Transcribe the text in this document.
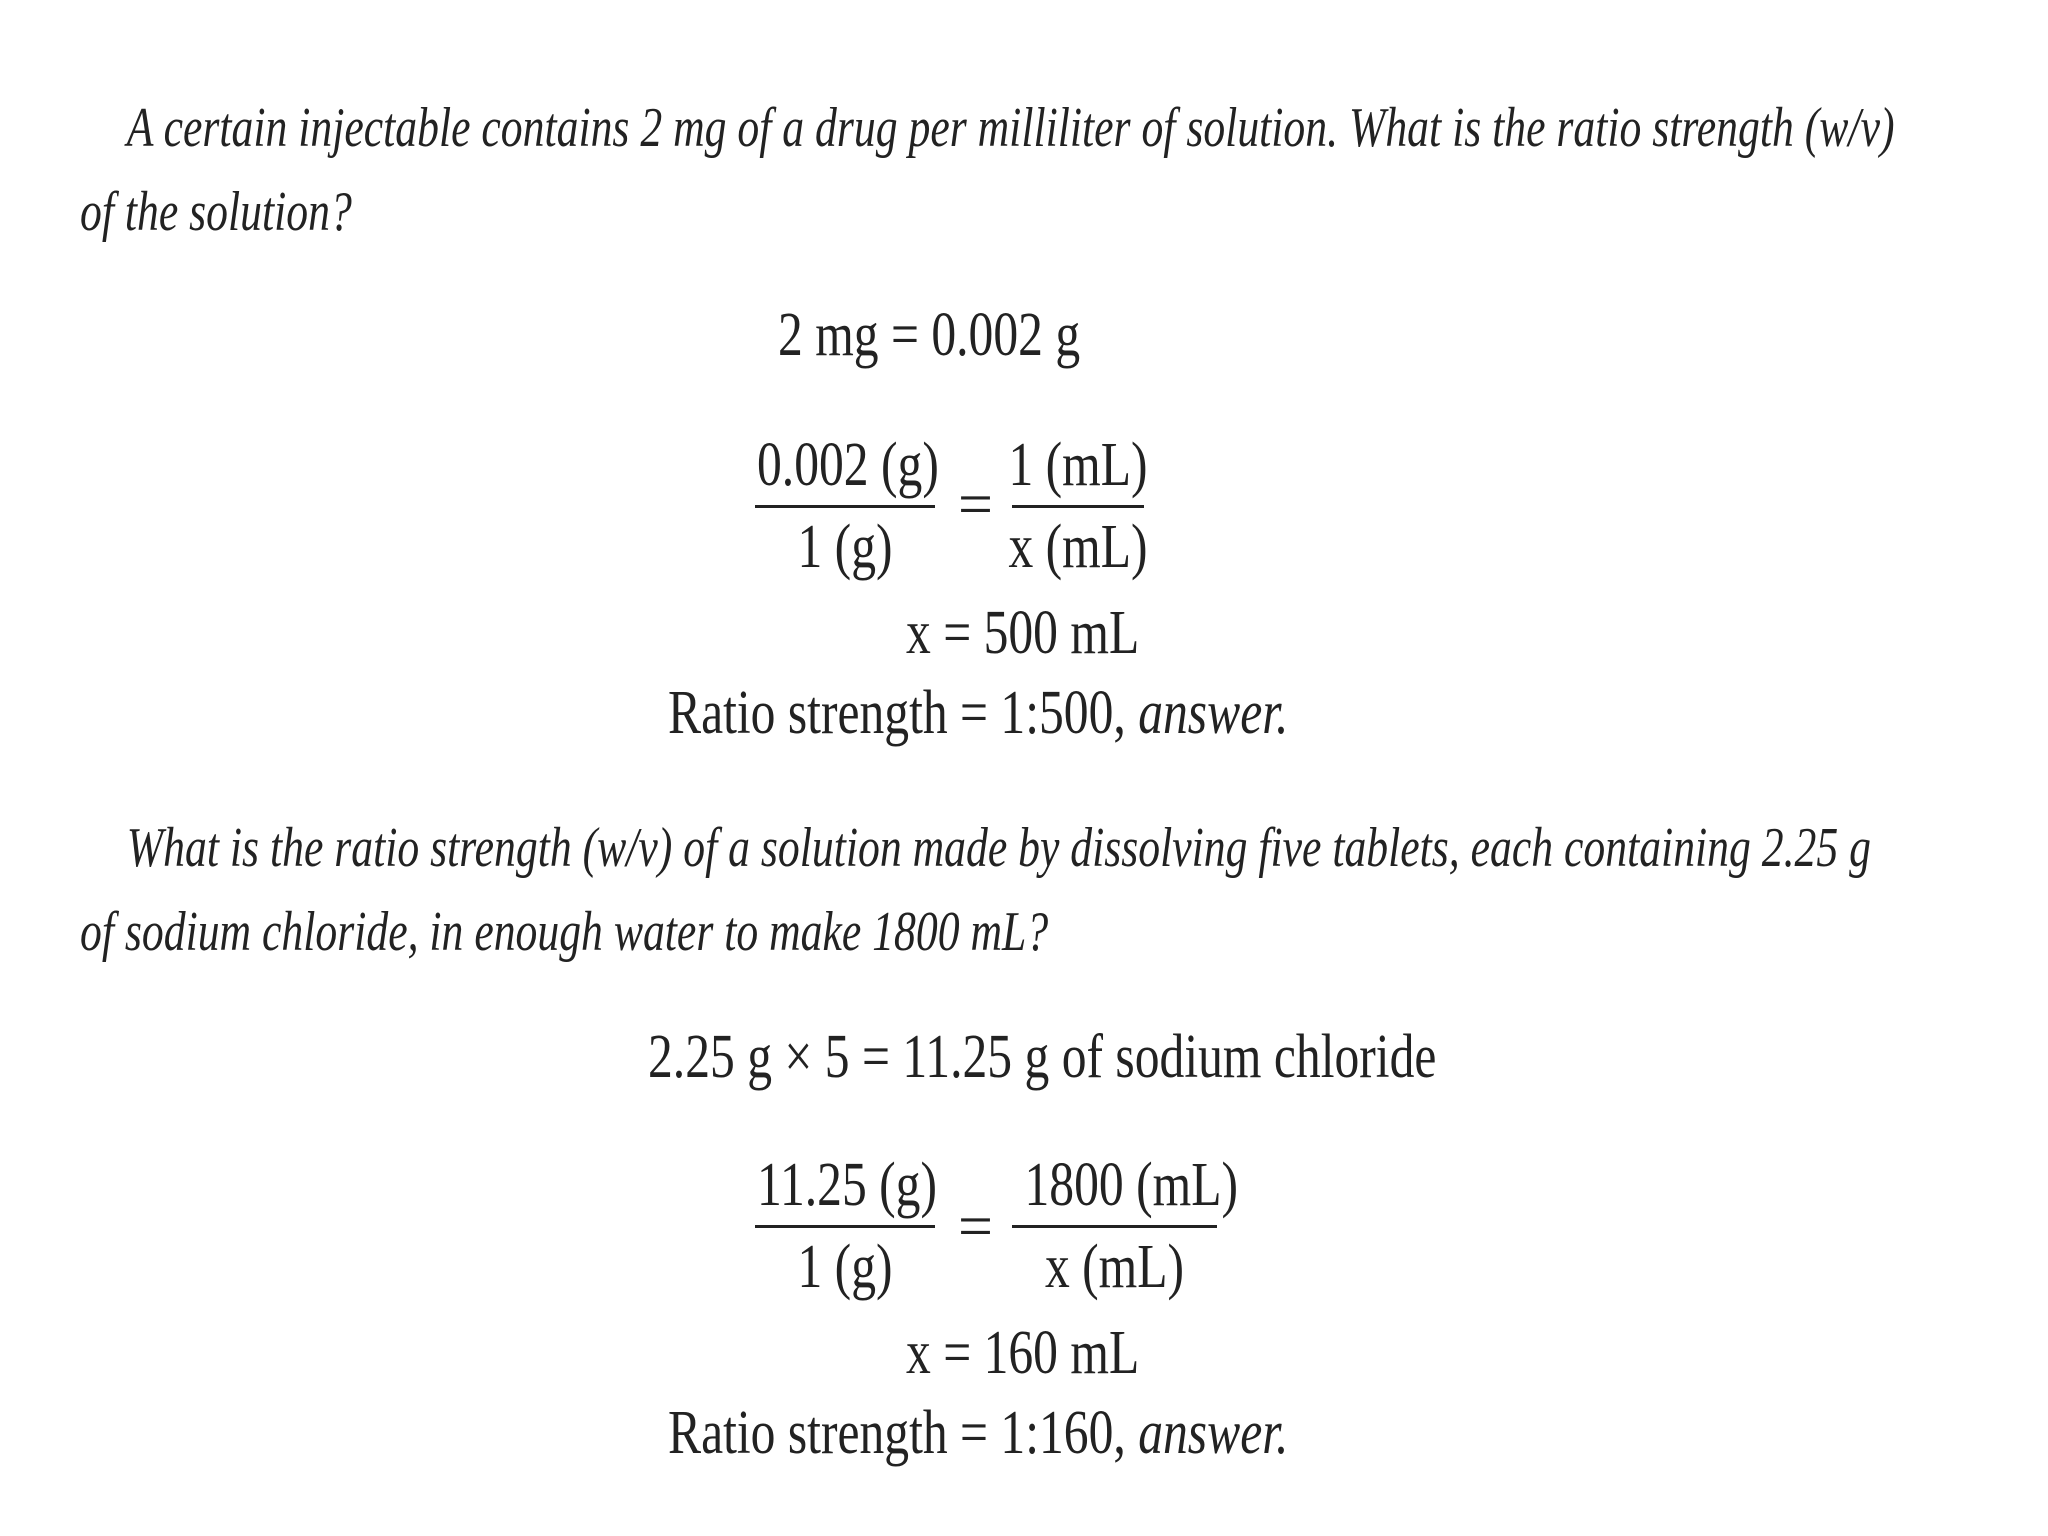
A certain injectable contains 2 mg of a drug per milliliter of solution. What is the ratio strength (w/v) of the solution?
2 mg = 0.002 g
0.002 (g)
1 (g)
=
1 (mL)
x (mL)
x = 500 mL
Ratio strength = 1:500, answer.
What is the ratio strength (w/v) of a solution made by dissolving five tablets, each containing 2.25 g of sodium chloride, in enough water to make 1800 mL?
2.25 g × 5 = 11.25 g of sodium chloride
11.25 (g)
1 (g)
=
1800 (mL)
x (mL)
x = 160 mL
Ratio strength = 1:160, answer.
